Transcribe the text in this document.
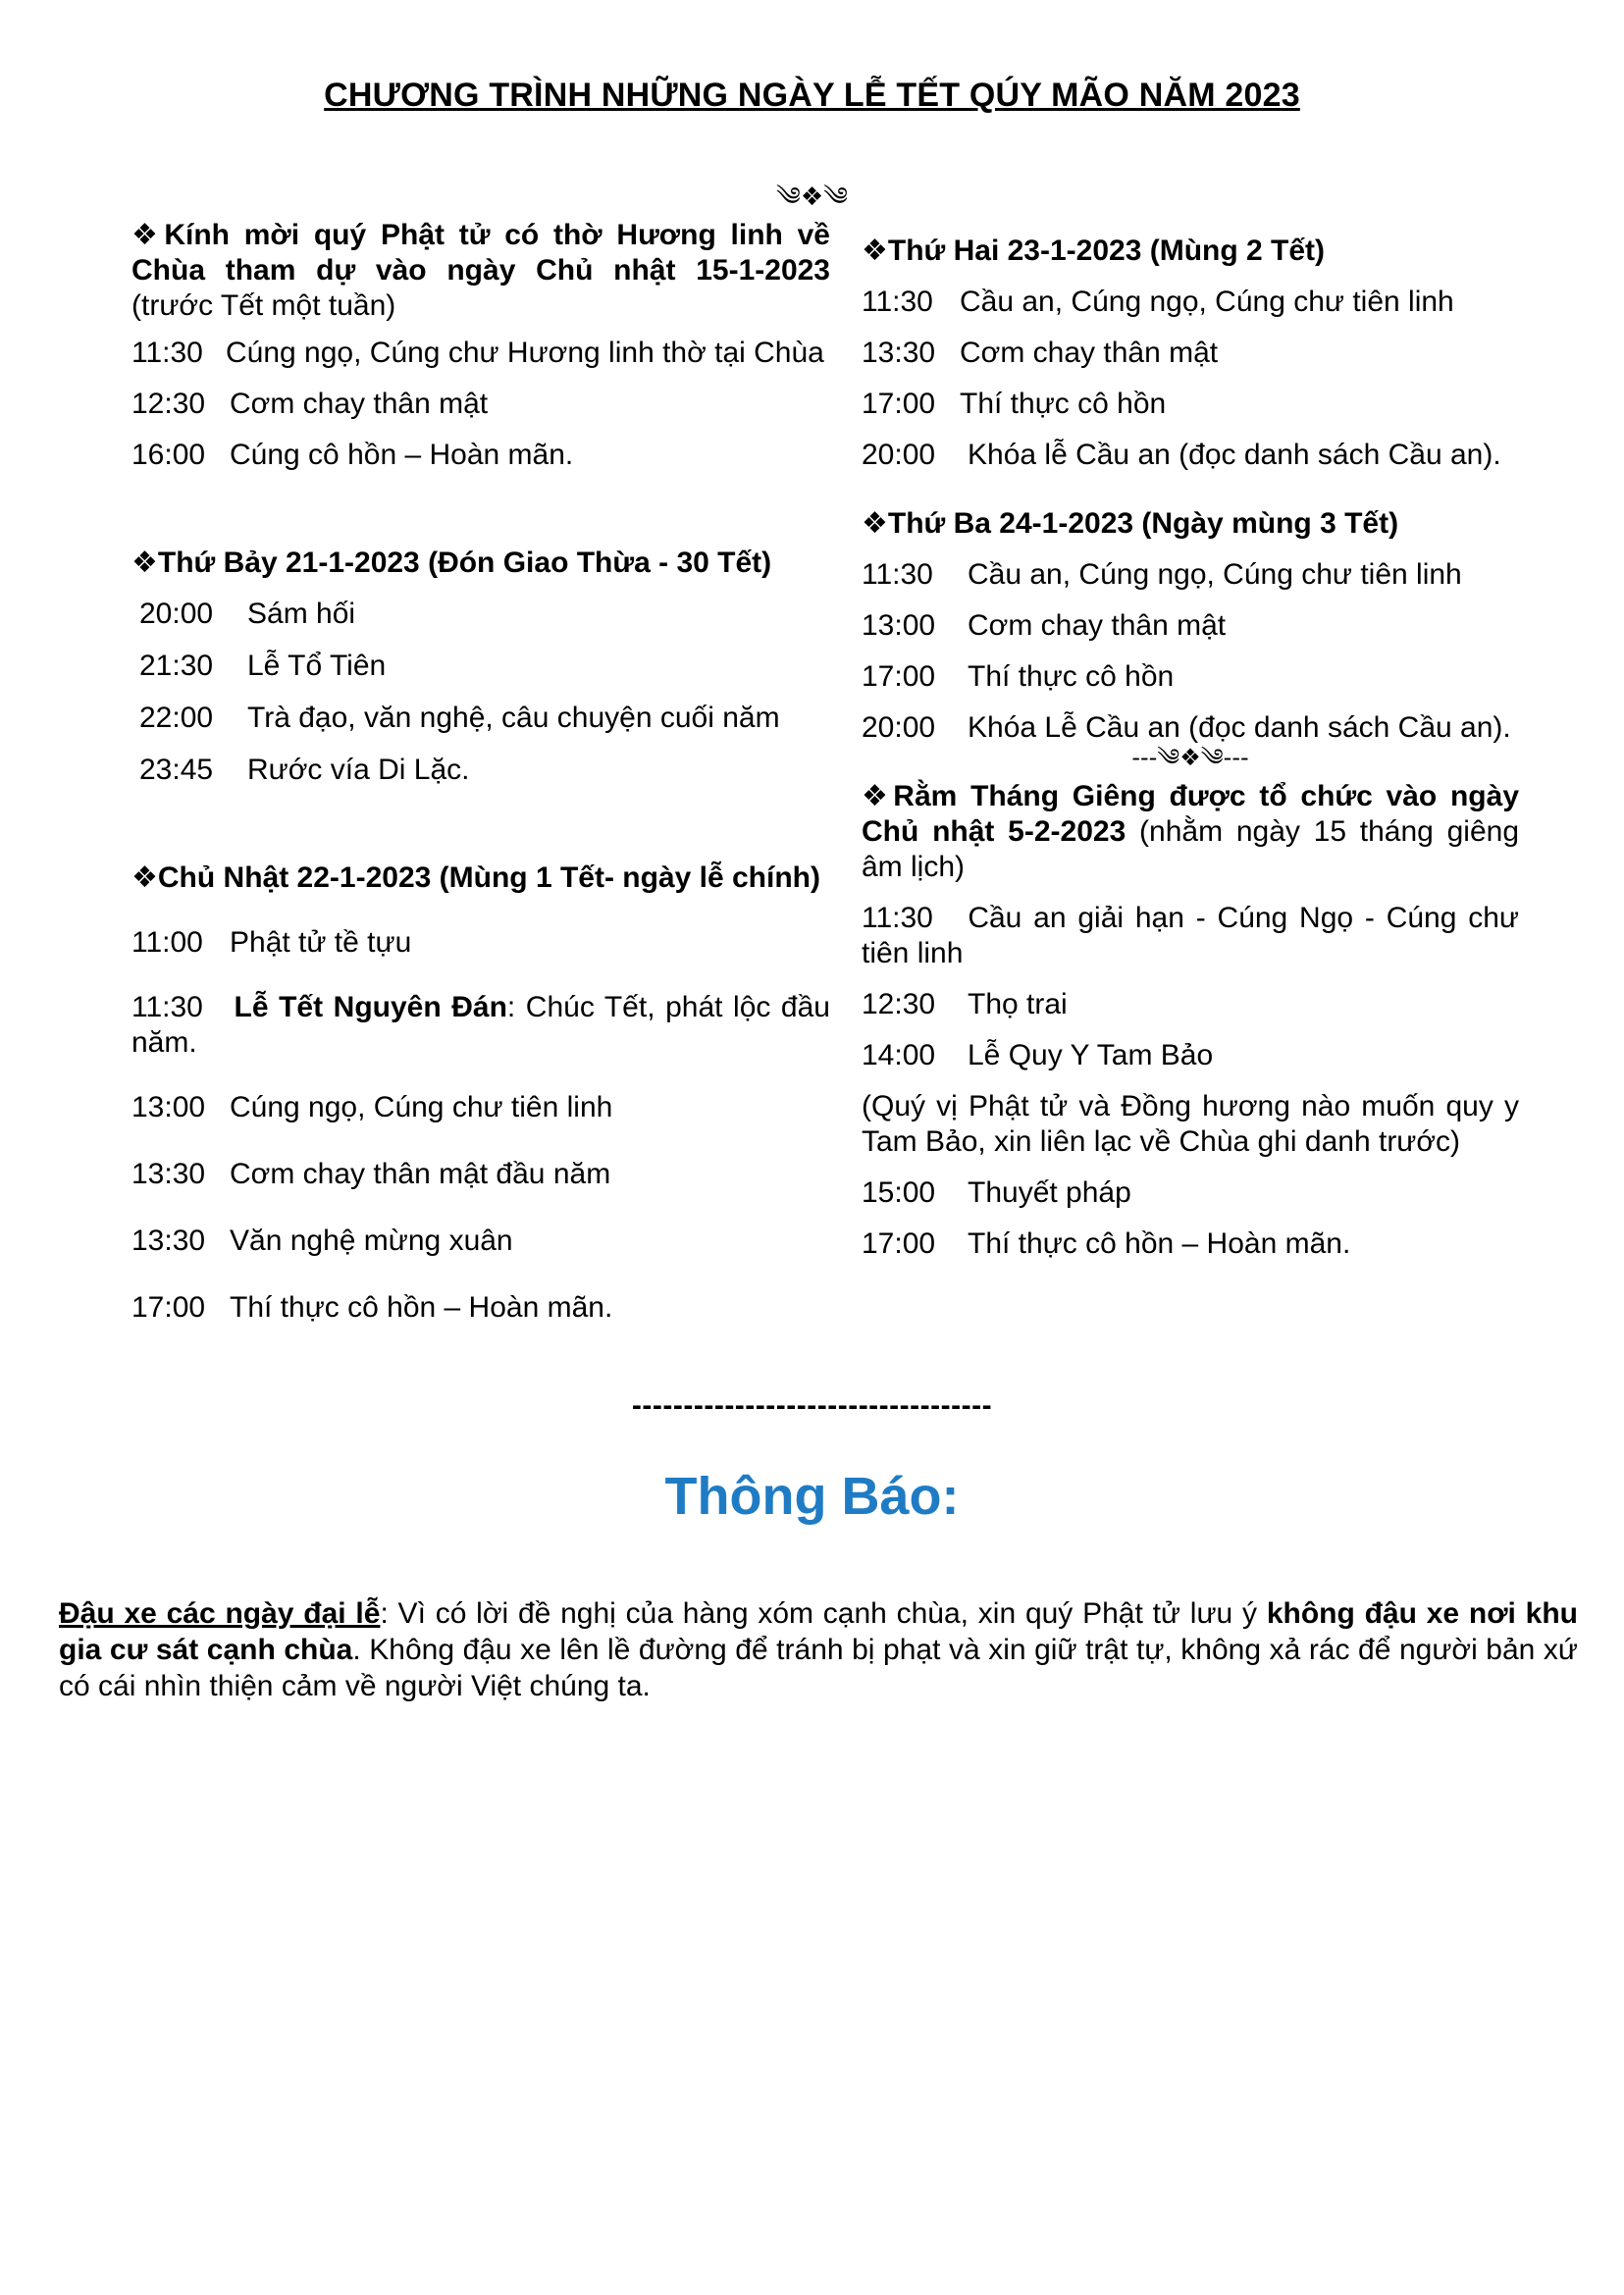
CHƯƠNG TRÌNH NHỮNG NGÀY LỄ TẾT QÚY MÃO NĂM 2023
༄❖༄
❖Kính mời quý Phật tử có thờ Hương linh về Chùa tham dự vào ngày Chủ nhật 15-1-2023 (trước Tết một tuần)
11:30 Cúng ngọ, Cúng chư Hương linh thờ tại Chùa
12:30 Cơm chay thân mật
16:00 Cúng cô hồn – Hoàn mãn.
❖Thứ Bảy 21-1-2023 (Đón Giao Thừa - 30 Tết)
20:00	Sám hối
21:30	Lễ Tổ Tiên
22:00	Trà đạo, văn nghệ, câu chuyện cuối năm
23:45	Rước vía Di Lặc.
❖Chủ Nhật 22-1-2023 (Mùng 1 Tết- ngày lễ chính)
11:00 Phật tử tề tựu
11:30 Lễ Tết Nguyên Đán: Chúc Tết, phát lộc đầu năm.
13:00 Cúng ngọ, Cúng chư tiên linh
13:30 Cơm chay thân mật đầu năm
13:30 Văn nghệ mừng xuân
17:00 Thí thực cô hồn – Hoàn mãn.
❖Thứ Hai 23-1-2023 (Mùng 2 Tết)
11:30 Cầu an, Cúng ngọ, Cúng chư tiên linh
13:30 Cơm chay thân mật
17:00 Thí thực cô hồn
20:00	Khóa lễ Cầu an (đọc danh sách Cầu an).
❖Thứ Ba 24-1-2023 (Ngày mùng 3 Tết)
11:30	Cầu an, Cúng ngọ, Cúng chư tiên linh
13:00	Cơm chay thân mật
17:00	Thí thực cô hồn
20:00	Khóa Lễ Cầu an (đọc danh sách Cầu an).
---༄❖༄---
❖Rằm Tháng Giêng được tổ chức vào ngày Chủ nhật 5-2-2023 (nhằm ngày 15 tháng giêng âm lịch)
11:30 Cầu an giải hạn - Cúng Ngọ - Cúng chư tiên linh
12:30	Thọ trai
14:00	Lễ Quy Y Tam Bảo
(Quý vị Phật tử và Đồng hương nào muốn quy y Tam Bảo, xin liên lạc về Chùa ghi danh trước)
15:00	Thuyết pháp
17:00	Thí thực cô hồn – Hoàn mãn.
-----------------------------------
Thông Báo:
Đậu xe các ngày đại lễ: Vì có lời đề nghị của hàng xóm cạnh chùa, xin quý Phật tử lưu ý không đậu xe nơi khu gia cư sát cạnh chùa. Không đậu xe lên lề đường để tránh bị phạt và xin giữ trật tự, không xả rác để người bản xứ có cái nhìn thiện cảm về người Việt chúng ta.
